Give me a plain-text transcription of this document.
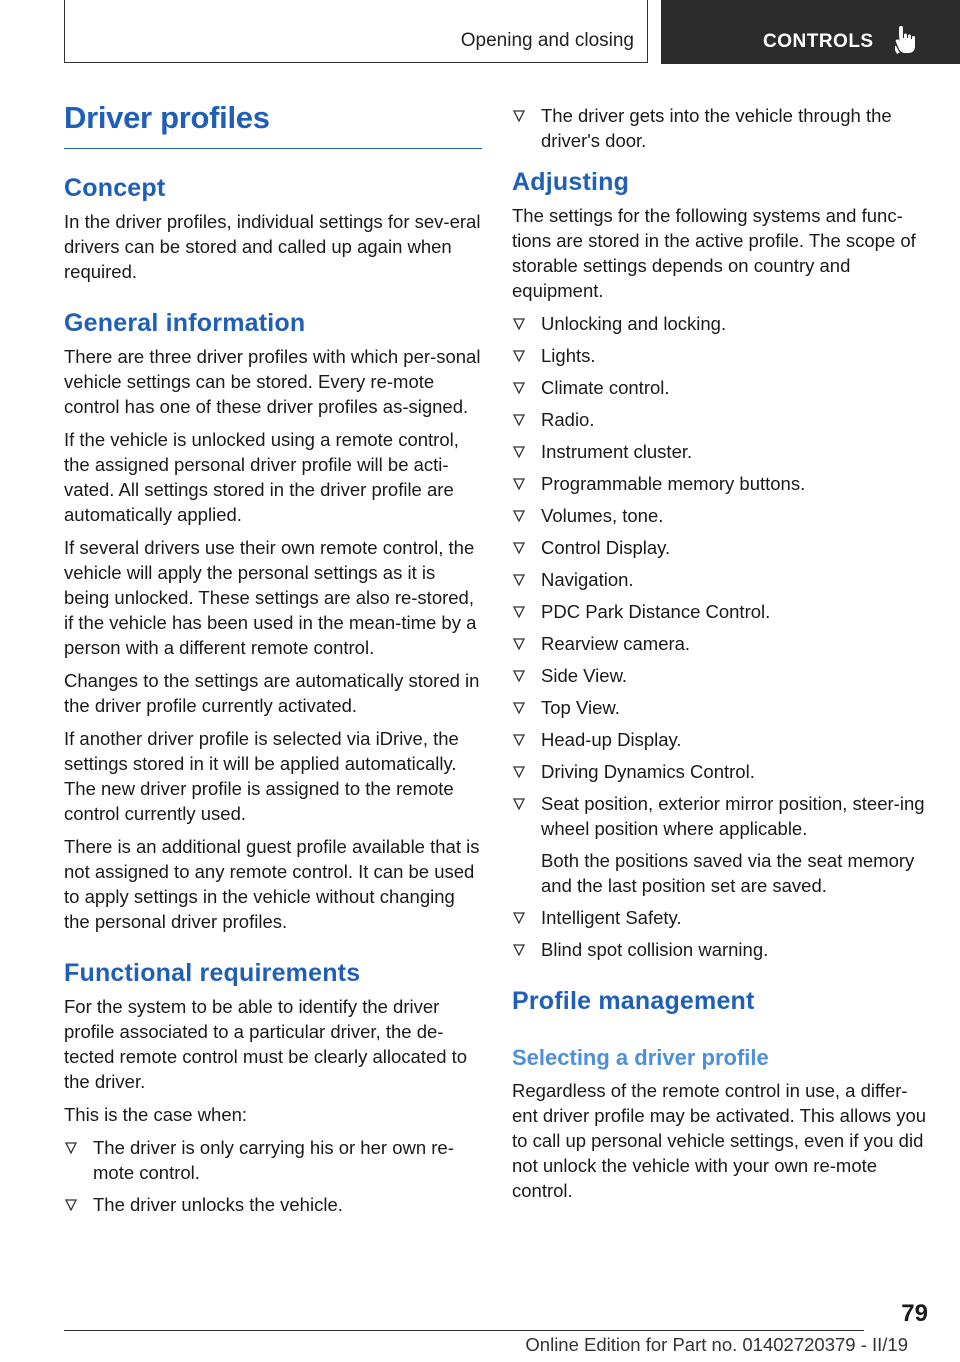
Opening and closing	CONTROLS
Driver profiles
Concept

In the driver profiles, individual settings for sev‐eral drivers can be stored and called up again when required.

General information

There are three driver profiles with which per‐sonal vehicle settings can be stored. Every re‐mote control has one of these driver profiles as‐signed.

If the vehicle is unlocked using a remote control, the assigned personal driver profile will be acti‐vated. All settings stored in the driver profile are automatically applied.

If several drivers use their own remote control, the vehicle will apply the personal settings as it is being unlocked. These settings are also re‐stored, if the vehicle has been used in the mean‐time by a person with a different remote control.

Changes to the settings are automatically stored in the driver profile currently activated.

If another driver profile is selected via iDrive, the settings stored in it will be applied automatically. The new driver profile is assigned to the remote control currently used.

There is an additional guest profile available that is not assigned to any remote control. It can be used to apply settings in the vehicle without changing the personal driver profiles.

Functional requirements

For the system to be able to identify the driver profile associated to a particular driver, the de‐tected remote control must be clearly allocated to the driver.

This is the case when:

The driver is only carrying his or her own re‐mote control.
The driver unlocks the vehicle.
The driver gets into the vehicle through the driver's door.
Adjusting

The settings for the following systems and func‐tions are stored in the active profile. The scope of storable settings depends on country and equipment.

Unlocking and locking.
Lights.
Climate control.
Radio.
Instrument cluster.
Programmable memory buttons.
Volumes, tone.
Control Display.
Navigation.
PDC Park Distance Control.
Rearview camera.
Side View.
Top View.
Head-up Display.
Driving Dynamics Control.
Seat position, exterior mirror position, steer‐ing wheel position where applicable.
Both the positions saved via the seat memory and the last position set are saved.
Intelligent Safety.
Blind spot collision warning.
Profile management
Selecting a driver profile

Regardless of the remote control in use, a differ‐ent driver profile may be activated. This allows you to call up personal vehicle settings, even if you did not unlock the vehicle with your own re‐mote control.

79
Online Edition for Part no. 01402720379 - II/19
